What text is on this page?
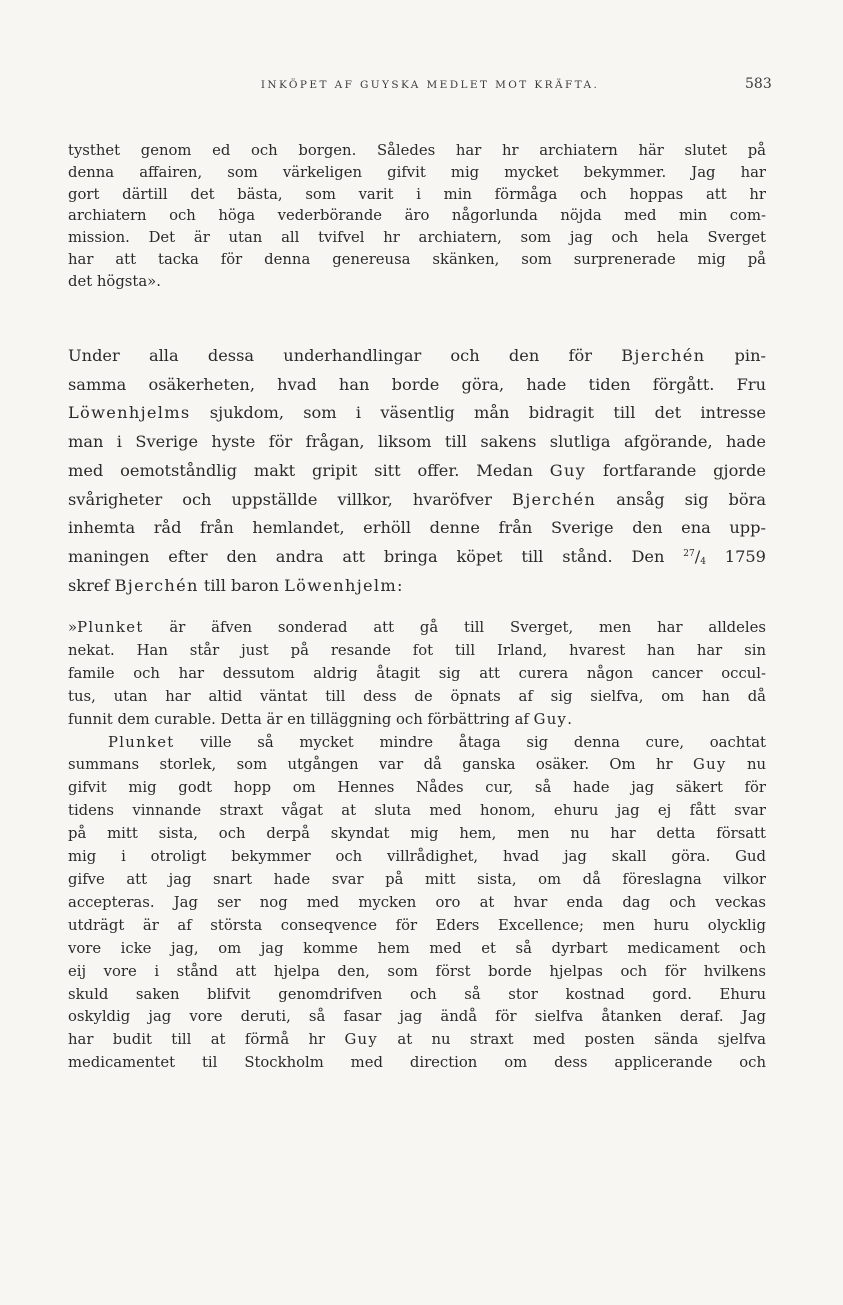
INKÖPET AF GUYSKA MEDLET MOT KRÄFTA.	583
tysthet genom ed och borgen. Således har hr archiatern här slutet på
denna affairen, som värkeligen gifvit mig mycket bekymmer. Jag har
gort därtill det bästa, som varit i min förmåga och hoppas att hr
archiatern och höga vederbörande äro någorlunda nöjda med min com-
mission. Det är utan all tvifvel hr archiatern, som jag och hela Sverget
har att tacka för denna genereusa skänken, som surprenerade mig på
det högsta».
Under alla dessa underhandlingar och den för Bjerchén pin-
samma osäkerheten, hvad han borde göra, hade tiden förgått. Fru
Löwenhjelms sjukdom, som i väsentlig mån bidragit till det intresse
man i Sverige hyste för frågan, liksom till sakens slutliga afgörande, hade
med oemotståndlig makt gripit sitt offer. Medan Guy fortfarande gjorde
svårigheter och uppställde villkor, hvaröfver Bjerchén ansåg sig böra
inhemta råd från hemlandet, erhöll denne från Sverige den ena upp-
maningen efter den andra att bringa köpet till stånd. Den $^{27}/_4$ 1759
skref Bjerchén till baron Löwenhjelm:
»Plunket är äfven sonderad att gå till Sverget, men har alldeles
nekat. Han står just på resande fot till Irland, hvarest han har sin
famile och har dessutom aldrig åtagit sig att curera någon cancer occul-
tus, utan har altid väntat till dess de öpnats af sig sielfva, om han då
funnit dem curable. Detta är en tilläggning och förbättring af Guy.
Plunket ville så mycket mindre åtaga sig denna cure, oachtat
summans storlek, som utgången var då ganska osäker. Om hr Guy nu
gifvit mig godt hopp om Hennes Nådes cur, så hade jag säkert för
tidens vinnande straxt vågat at sluta med honom, ehuru jag ej fått svar
på mitt sista, och derpå skyndat mig hem, men nu har detta försatt
mig i otroligt bekymmer och villrådighet, hvad jag skall göra. Gud
gifve att jag snart hade svar på mitt sista, om då föreslagna vilkor
accepteras. Jag ser nog med mycken oro at hvar enda dag och veckas
utdrägt är af största conseqvence för Eders Excellence; men huru olycklig
vore icke jag, om jag komme hem med et så dyrbart medicament och
eij vore i stånd att hjelpa den, som först borde hjelpas och för hvilkens
skuld saken blifvit genomdrifven och så stor kostnad gord. Ehuru
oskyldig jag vore deruti, så fasar jag ändå för sielfva åtanken deraf. Jag
har budit till at förmå hr Guy at nu straxt med posten sända sjelfva
medicamentet til Stockholm med direction om dess applicerande och
